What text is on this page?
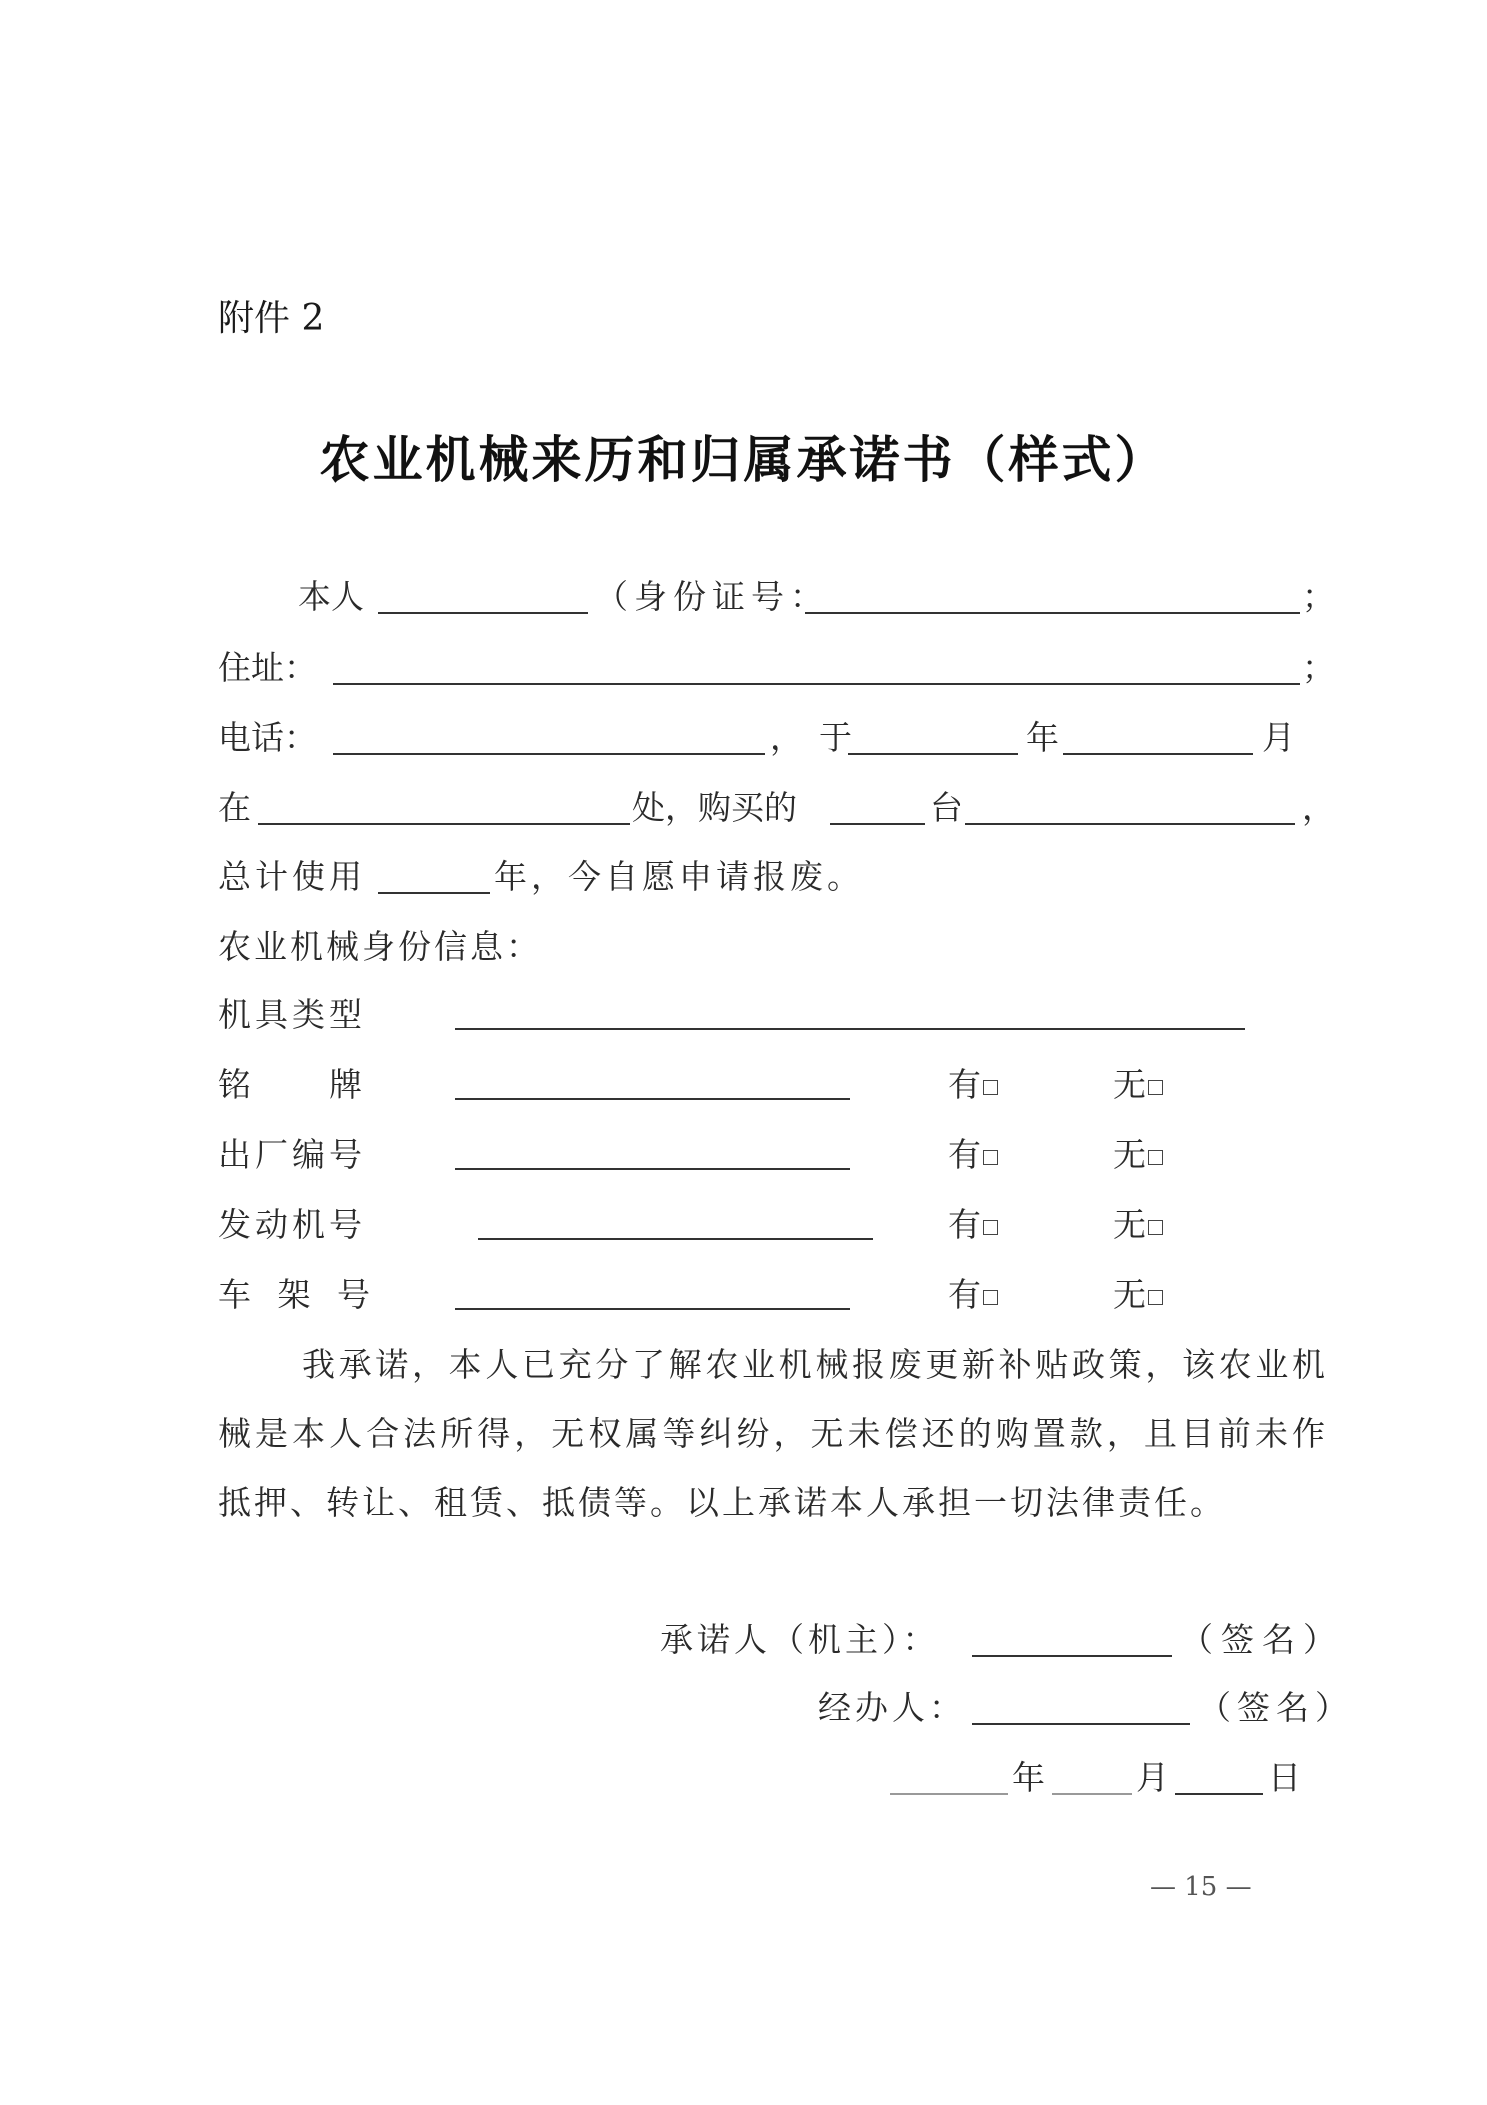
附件 2
农业机械来历和归属承诺书（样式）
本人	（身份证号：	；
住址：	；
电话：	，于	年	月
在	处，购买的	台	，
总计使用	年，今自愿申请报废。
农业机械身份信息：
机具类型
铭　　牌	有	无
出厂编号	有	无
发动机号	有	无
车 架 号	有	无
我承诺，本人已充分了解农业机械报废更新补贴政策，该农业机械是本人合法所得，无权属等纠纷，无未偿还的购置款，且目前未作抵押、转让、租赁、抵债等。以上承诺本人承担一切法律责任。
承诺人（机主）：	（签名）
经办人：	（签名）
年	月	日
— 15 —
